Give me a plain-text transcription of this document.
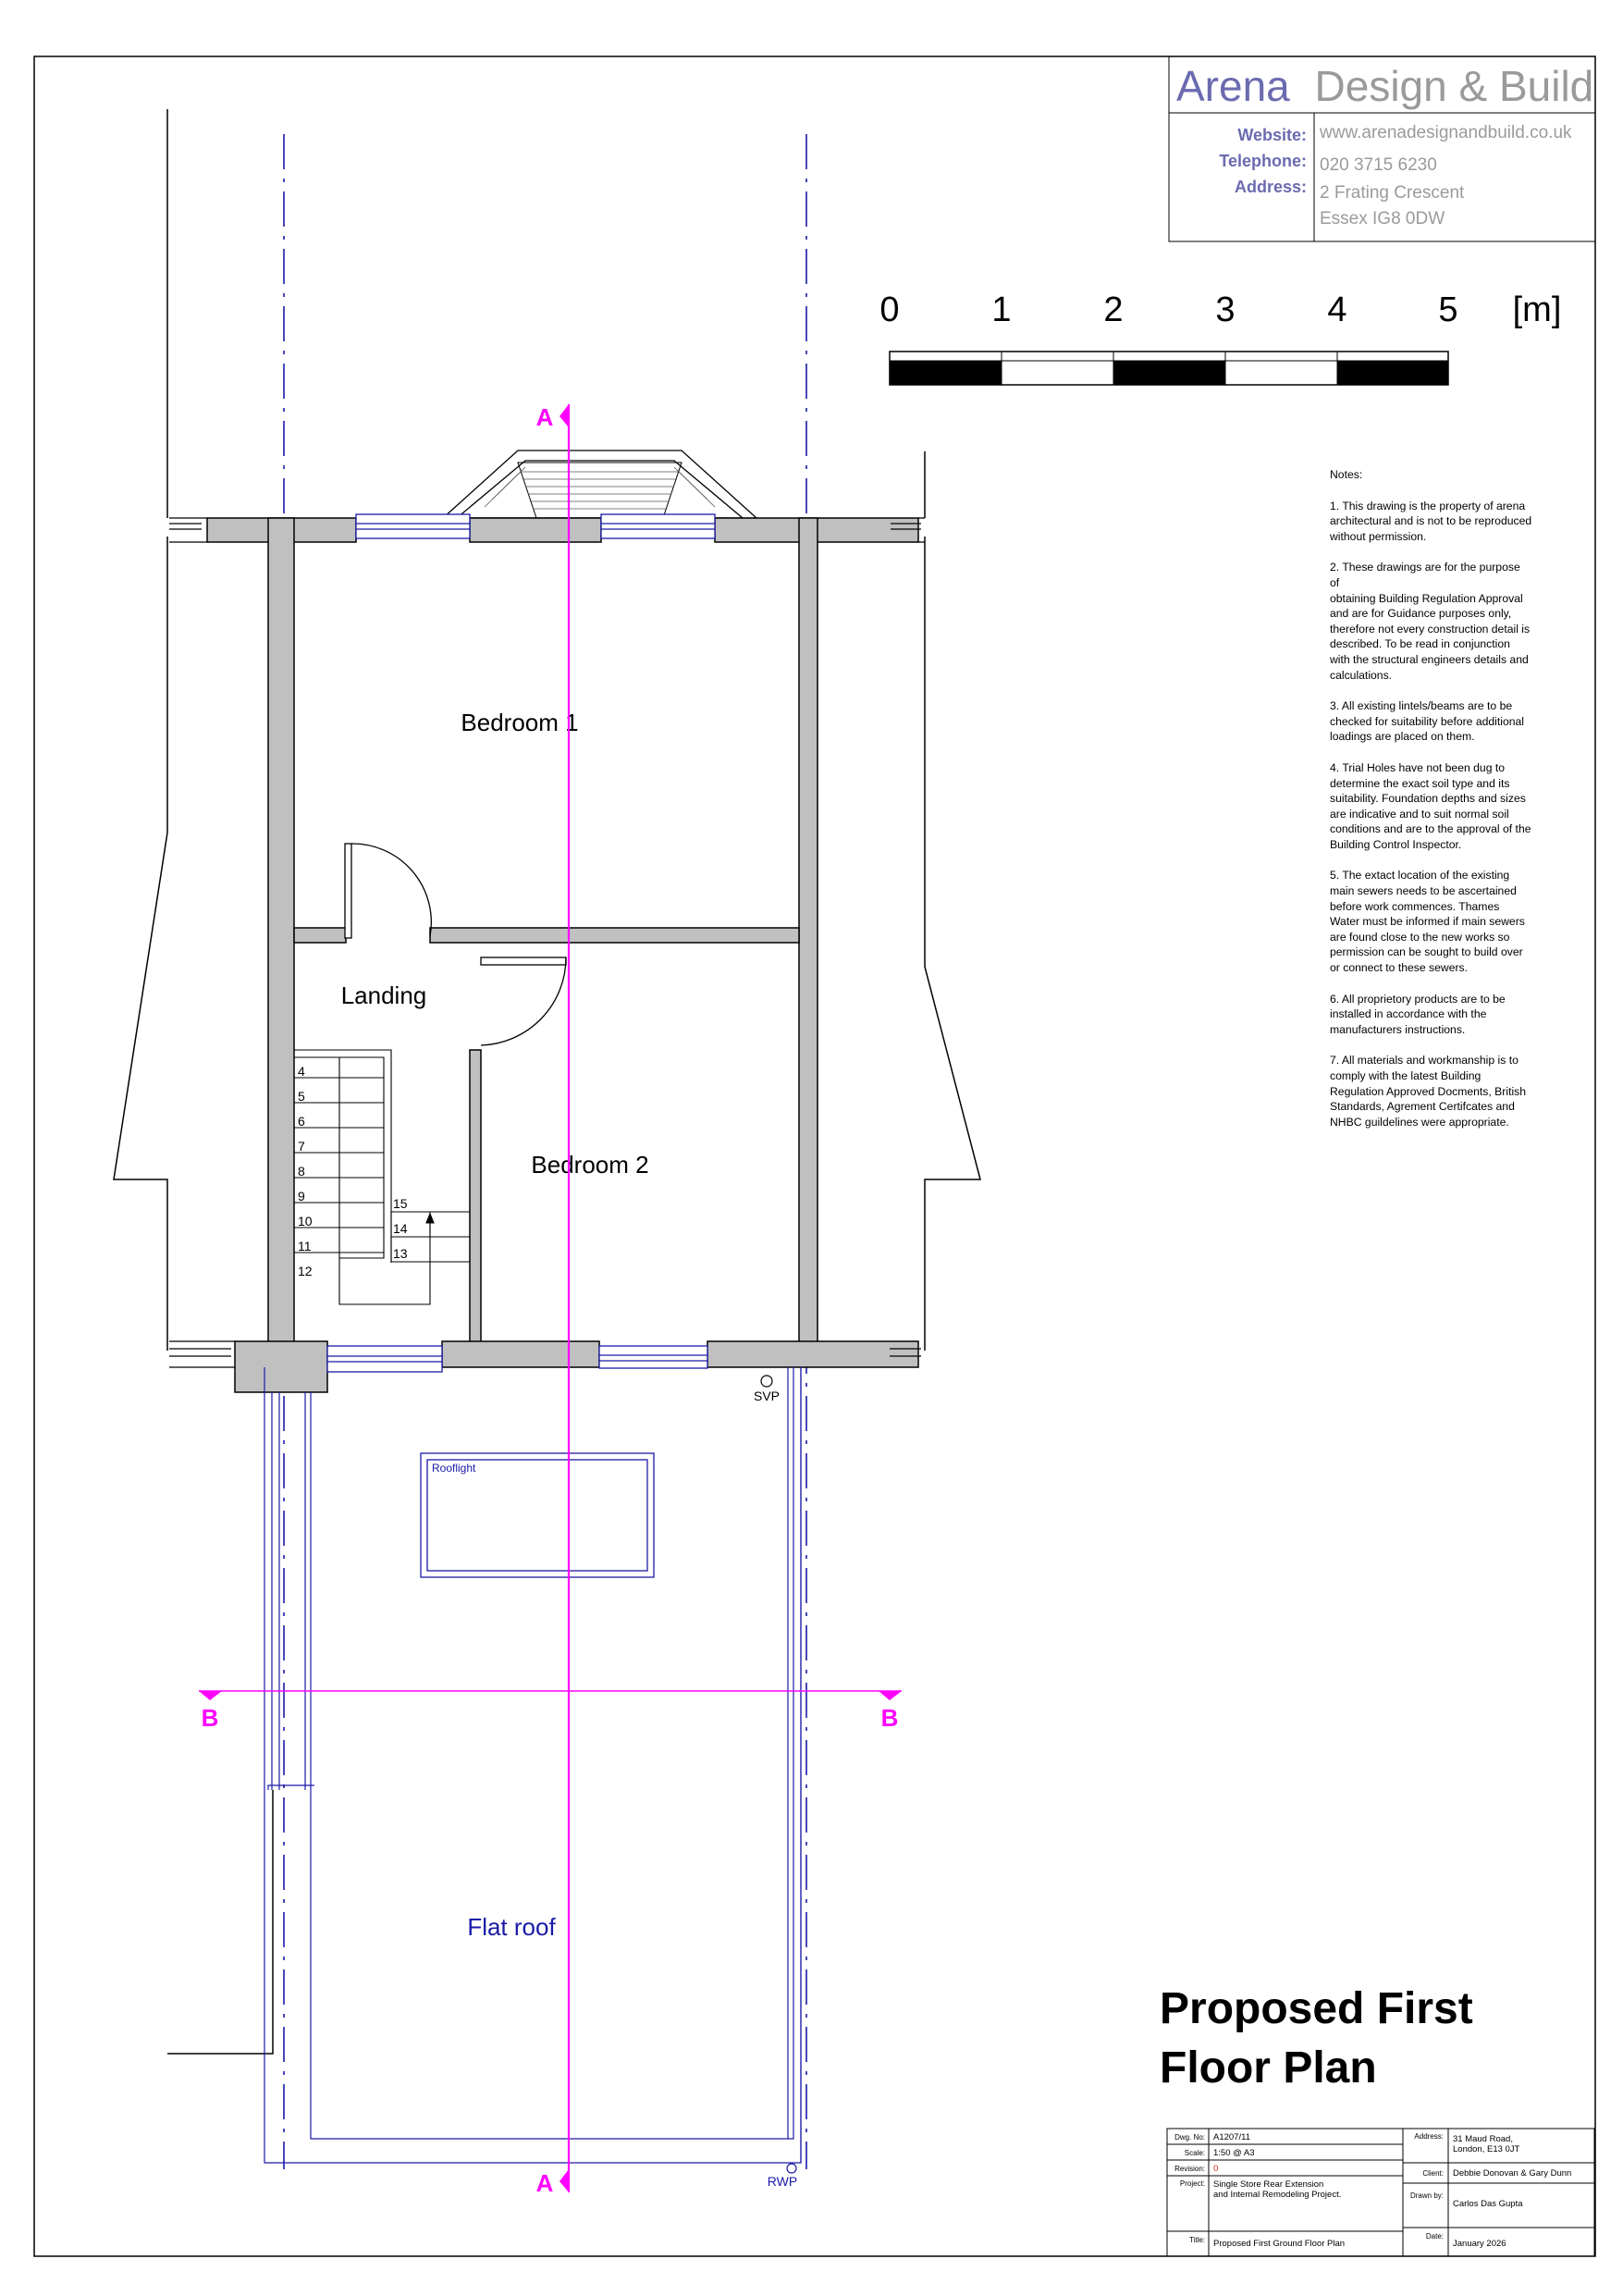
Arena Design & Build
Website: www.arenadesignandbuild.co.uk
Telephone: 020 3715 6230
Address: 2 Frating Crescent
Essex IG8 0DW
0	1	2	3	4	5 [m]
4
5
6
7
8
9
10
11
12
15
14
13
Bedroom 1
Landing
Bedroom 2
Rooflight
Flat roof
SVP
RWP
A
A
B	B
Dwg. No: A1207/11
Scale: 1:50 @ A3
Revision: 0
Project: Single Store Rear Extension
and Internal Remodeling Project.
Title: Proposed First Ground Floor Plan
Address: 31 Maud Road,
London, E13 0JT
Client: Debbie Donovan & Gary Dunn
Drawn by:
Carlos Das Gupta
Date:
January 2026
Notes:

1. This drawing is the property of arena
architectural and is not to be reproduced
without permission.

2. These drawings are for the purpose
of
obtaining Building Regulation Approval
and are for Guidance purposes only,
therefore not every construction detail is
described. To be read in conjunction
with the structural engineers details and
calculations.

3. All existing lintels/beams are to be
checked for suitability before additional
loadings are placed on them.

4. Trial Holes have not been dug to
determine the exact soil type and its
suitability. Foundation depths and sizes
are indicative and to suit normal soil
conditions and are to the approval of the
Building Control Inspector.

5. The extact location of the existing
main sewers needs to be ascertained
before work commences. Thames
Water must be informed if main sewers
are found close to the new works so
permission can be sought to build over
or connect to these sewers.

6. All proprietory products are to be
installed in accordance with the
manufacturers instructions.

7. All materials and workmanship is to
comply with the latest Building
Regulation Approved Docments, British
Standards, Agrement Certifcates and
NHBC guildelines were appropriate.

Proposed First
Floor Plan
